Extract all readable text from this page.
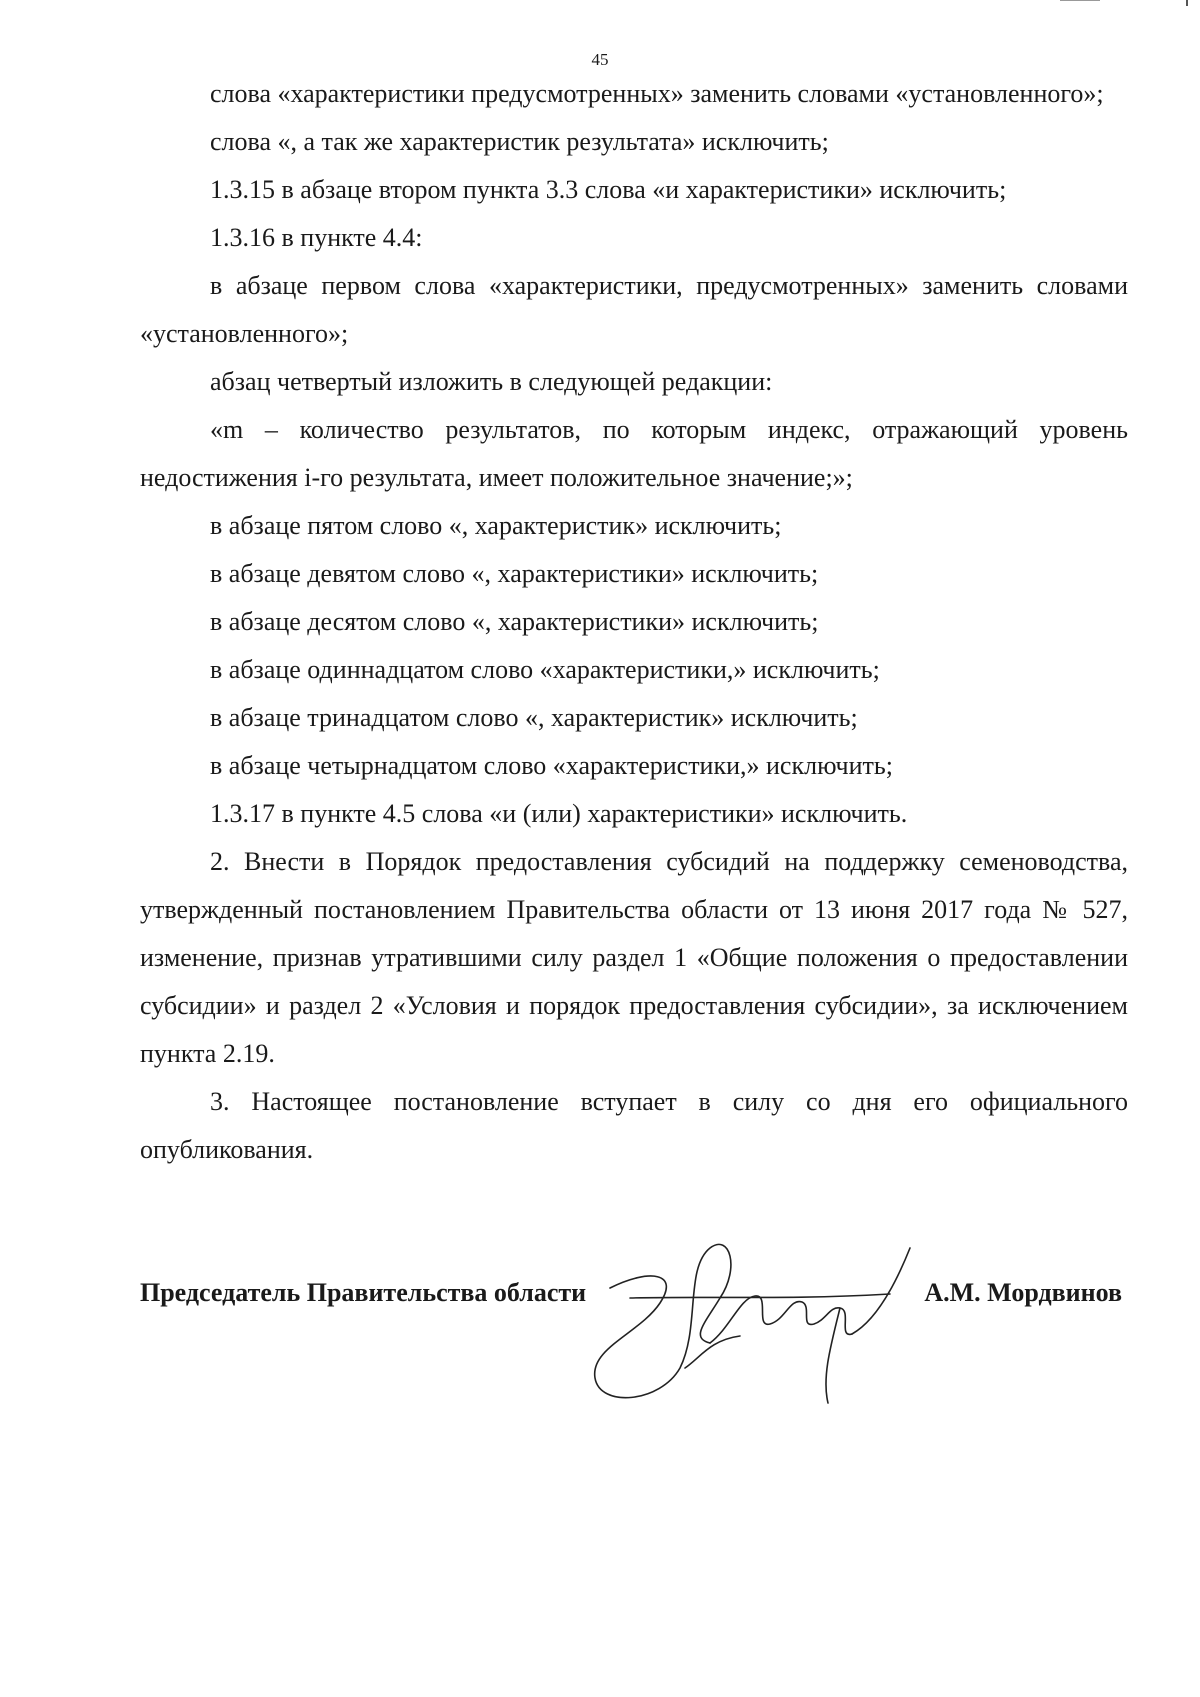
45

слова «характеристики предусмотренных» заменить словами «установленного»;

слова «, а так же характеристик результата» исключить;

1.3.15 в абзаце втором пункта 3.3 слова «и характеристики» исключить;

1.3.16 в пункте 4.4:

в абзаце первом слова «характеристики, предусмотренных» заменить словами «установленного»;

абзац четвертый изложить в следующей редакции:

«m – количество результатов, по которым индекс, отражающий уровень недостижения i-го результата, имеет положительное значение;»;

в абзаце пятом слово «, характеристик» исключить;

в абзаце девятом слово «, характеристики» исключить;

в абзаце десятом слово «, характеристики» исключить;

в абзаце одиннадцатом слово «характеристики,» исключить;

в абзаце тринадцатом слово «, характеристик» исключить;

в абзаце четырнадцатом слово «характеристики,» исключить;

1.3.17 в пункте 4.5 слова «и (или) характеристики» исключить.

2. Внести в Порядок предоставления субсидий на поддержку семеноводства, утвержденный постановлением Правительства области от 13 июня 2017 года № 527, изменение, признав утратившими силу раздел 1 «Общие положения о предоставлении субсидии» и раздел 2 «Условия и порядок предоставления субсидии», за исключением пункта 2.19.

3. Настоящее постановление вступает в силу со дня его официального опубликования.

Председатель Правительства области	А.М. Мордвинов
